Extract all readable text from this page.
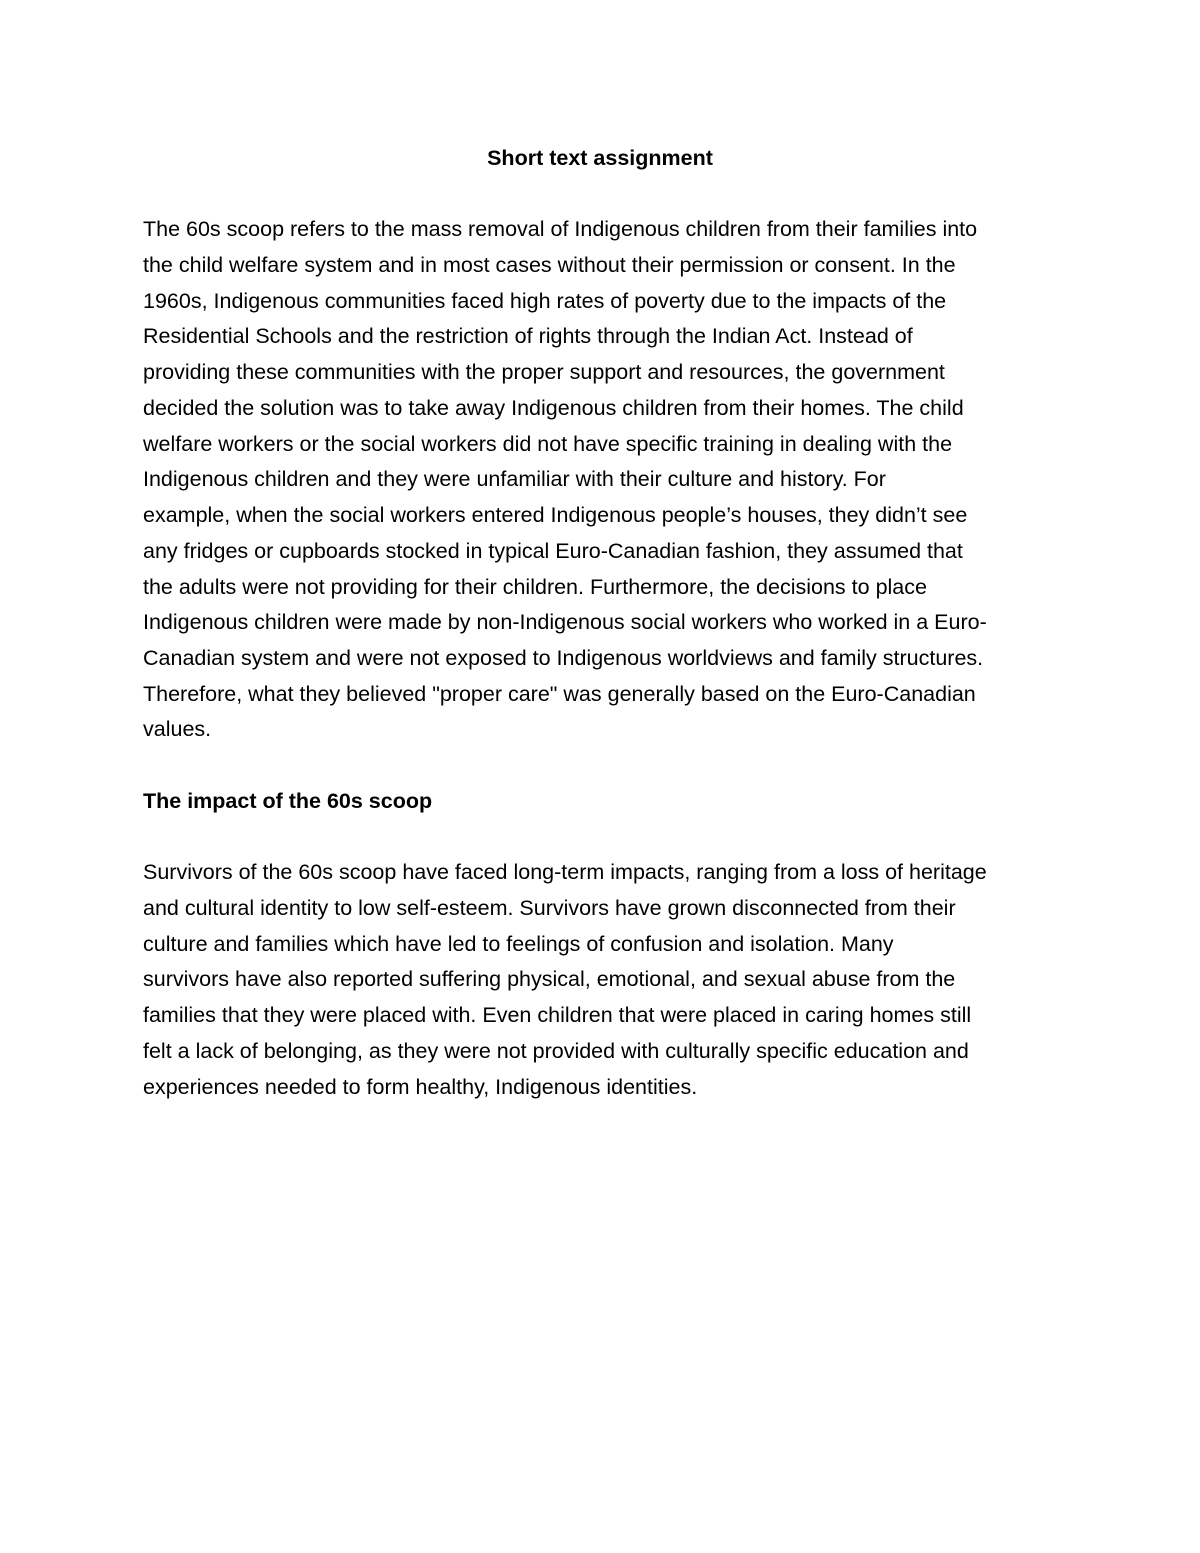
Short text assignment

The 60s scoop refers to the mass removal of Indigenous children from their families into

the child welfare system and in most cases without their permission or consent. In the

1960s, Indigenous communities faced high rates of poverty due to the impacts of the

Residential Schools and the restriction of rights through the Indian Act. Instead of

providing these communities with the proper support and resources, the government

decided the solution was to take away Indigenous children from their homes. The child

welfare workers or the social workers did not have specific training in dealing with the

Indigenous children and they were unfamiliar with their culture and history. For

example, when the social workers entered Indigenous people’s houses, they didn’t see

any fridges or cupboards stocked in typical Euro-Canadian fashion, they assumed that

the adults were not providing for their children. Furthermore, the decisions to place

Indigenous children were made by non-Indigenous social workers who worked in a Euro-

Canadian system and were not exposed to Indigenous worldviews and family structures.

Therefore, what they believed "proper care" was generally based on the Euro-Canadian

values.

The impact of the 60s scoop

Survivors of the 60s scoop have faced long-term impacts, ranging from a loss of heritage

and cultural identity to low self-esteem. Survivors have grown disconnected from their

culture and families which have led to feelings of confusion and isolation. Many

survivors have also reported suffering physical, emotional, and sexual abuse from the

families that they were placed with. Even children that were placed in caring homes still

felt a lack of belonging, as they were not provided with culturally specific education and

experiences needed to form healthy, Indigenous identities.
